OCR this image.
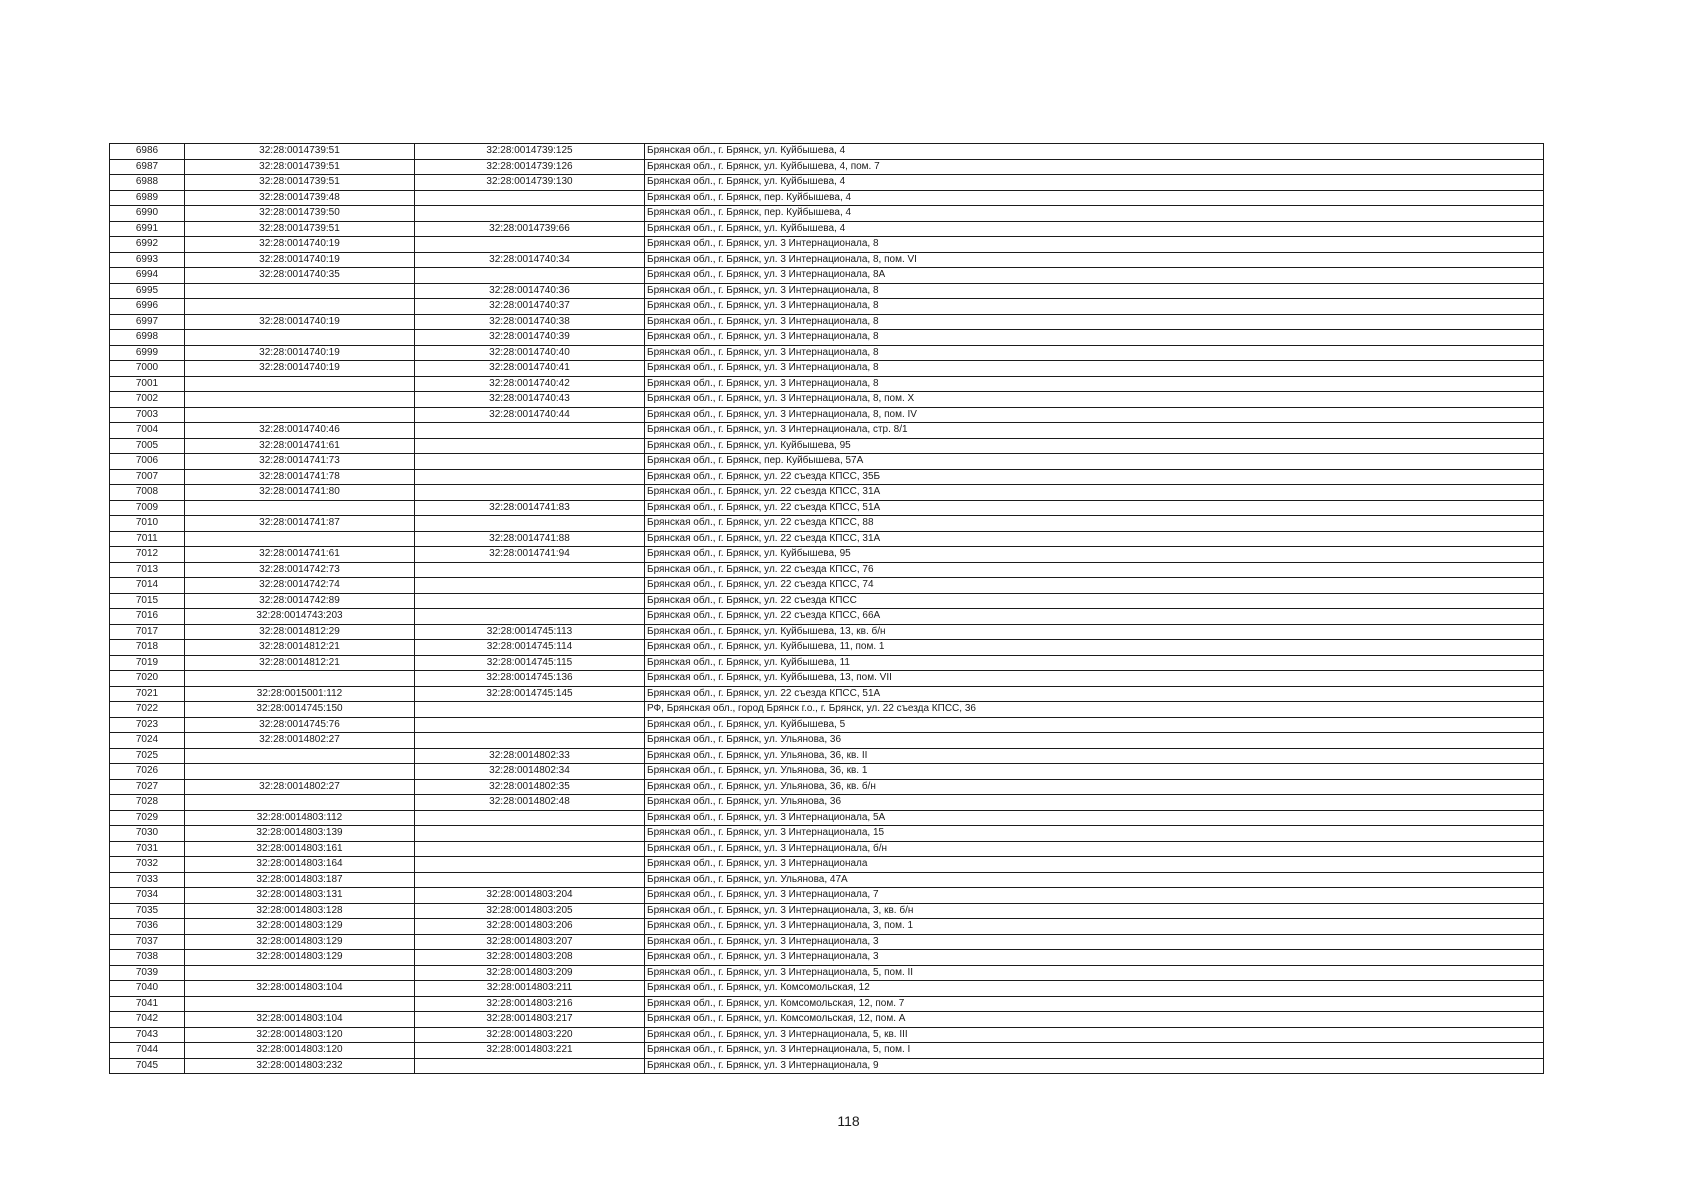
6986	32:28:0014739:51	32:28:0014739:125	Брянская обл., г. Брянск, ул. Куйбышева, 4
6987	32:28:0014739:51	32:28:0014739:126	Брянская обл., г. Брянск, ул. Куйбышева, 4, пом. 7
6988	32:28:0014739:51	32:28:0014739:130	Брянская обл., г. Брянск, ул. Куйбышева, 4
6989	32:28:0014739:48		Брянская обл., г. Брянск, пер. Куйбышева, 4
6990	32:28:0014739:50		Брянская обл., г. Брянск, пер. Куйбышева, 4
6991	32:28:0014739:51	32:28:0014739:66	Брянская обл., г. Брянск, ул. Куйбышева, 4
6992	32:28:0014740:19		Брянская обл., г. Брянск, ул. 3 Интернационала, 8
6993	32:28:0014740:19	32:28:0014740:34	Брянская обл., г. Брянск, ул. 3 Интернационала, 8, пом. VI
6994	32:28:0014740:35		Брянская обл., г. Брянск, ул. 3 Интернационала, 8А
6995		32:28:0014740:36	Брянская обл., г. Брянск, ул. 3 Интернационала, 8
6996		32:28:0014740:37	Брянская обл., г. Брянск, ул. 3 Интернационала, 8
6997	32:28:0014740:19	32:28:0014740:38	Брянская обл., г. Брянск, ул. 3 Интернационала, 8
6998		32:28:0014740:39	Брянская обл., г. Брянск, ул. 3 Интернационала, 8
6999	32:28:0014740:19	32:28:0014740:40	Брянская обл., г. Брянск, ул. 3 Интернационала, 8
7000	32:28:0014740:19	32:28:0014740:41	Брянская обл., г. Брянск, ул. 3 Интернационала, 8
7001		32:28:0014740:42	Брянская обл., г. Брянск, ул. 3 Интернационала, 8
7002		32:28:0014740:43	Брянская обл., г. Брянск, ул. 3 Интернационала, 8, пом. X
7003		32:28:0014740:44	Брянская обл., г. Брянск, ул. 3 Интернационала, 8, пом. IV
7004	32:28:0014740:46		Брянская обл., г. Брянск, ул. 3 Интернационала, стр. 8/1
7005	32:28:0014741:61		Брянская обл., г. Брянск, ул. Куйбышева, 95
7006	32:28:0014741:73		Брянская обл., г. Брянск, пер. Куйбышева, 57А
7007	32:28:0014741:78		Брянская обл., г. Брянск, ул. 22 съезда КПСС, 35Б
7008	32:28:0014741:80		Брянская обл., г. Брянск, ул. 22 съезда КПСС, 31А
7009		32:28:0014741:83	Брянская обл., г. Брянск, ул. 22 съезда КПСС, 51А
7010	32:28:0014741:87		Брянская обл., г. Брянск, ул. 22 съезда КПСС, 88
7011		32:28:0014741:88	Брянская обл., г. Брянск, ул. 22 съезда КПСС, 31А
7012	32:28:0014741:61	32:28:0014741:94	Брянская обл., г. Брянск, ул. Куйбышева, 95
7013	32:28:0014742:73		Брянская обл., г. Брянск, ул. 22 съезда КПСС, 76
7014	32:28:0014742:74		Брянская обл., г. Брянск, ул. 22 съезда КПСС, 74
7015	32:28:0014742:89		Брянская обл., г. Брянск, ул. 22 съезда КПСС
7016	32:28:0014743:203		Брянская обл., г. Брянск, ул. 22 съезда КПСС, 66А
7017	32:28:0014812:29	32:28:0014745:113	Брянская обл., г. Брянск, ул. Куйбышева, 13, кв. б/н
7018	32:28:0014812:21	32:28:0014745:114	Брянская обл., г. Брянск, ул. Куйбышева, 11, пом. 1
7019	32:28:0014812:21	32:28:0014745:115	Брянская обл., г. Брянск, ул. Куйбышева, 11
7020		32:28:0014745:136	Брянская обл., г. Брянск, ул. Куйбышева, 13, пом. VII
7021	32:28:0015001:112	32:28:0014745:145	Брянская обл., г. Брянск, ул. 22 съезда КПСС, 51А
7022	32:28:0014745:150		РФ, Брянская обл., город Брянск г.о., г. Брянск, ул. 22 съезда КПСС, 36
7023	32:28:0014745:76		Брянская обл., г. Брянск, ул. Куйбышева, 5
7024	32:28:0014802:27		Брянская обл., г. Брянск, ул. Ульянова, 36
7025		32:28:0014802:33	Брянская обл., г. Брянск, ул. Ульянова, 36, кв. II
7026		32:28:0014802:34	Брянская обл., г. Брянск, ул. Ульянова, 36, кв. 1
7027	32:28:0014802:27	32:28:0014802:35	Брянская обл., г. Брянск, ул. Ульянова, 36, кв. б/н
7028		32:28:0014802:48	Брянская обл., г. Брянск, ул. Ульянова, 36
7029	32:28:0014803:112		Брянская обл., г. Брянск, ул. 3 Интернационала, 5А
7030	32:28:0014803:139		Брянская обл., г. Брянск, ул. 3 Интернационала, 15
7031	32:28:0014803:161		Брянская обл., г. Брянск, ул. 3 Интернационала, б/н
7032	32:28:0014803:164		Брянская обл., г. Брянск, ул. 3 Интернационала
7033	32:28:0014803:187		Брянская обл., г. Брянск, ул. Ульянова, 47А
7034	32:28:0014803:131	32:28:0014803:204	Брянская обл., г. Брянск, ул. 3 Интернационала, 7
7035	32:28:0014803:128	32:28:0014803:205	Брянская обл., г. Брянск, ул. 3 Интернационала, 3, кв. б/н
7036	32:28:0014803:129	32:28:0014803:206	Брянская обл., г. Брянск, ул. 3 Интернационала, 3, пом. 1
7037	32:28:0014803:129	32:28:0014803:207	Брянская обл., г. Брянск, ул. 3 Интернационала, 3
7038	32:28:0014803:129	32:28:0014803:208	Брянская обл., г. Брянск, ул. 3 Интернационала, 3
7039		32:28:0014803:209	Брянская обл., г. Брянск, ул. 3 Интернационала, 5, пом. II
7040	32:28:0014803:104	32:28:0014803:211	Брянская обл., г. Брянск, ул. Комсомольская, 12
7041		32:28:0014803:216	Брянская обл., г. Брянск, ул. Комсомольская, 12, пом. 7
7042	32:28:0014803:104	32:28:0014803:217	Брянская обл., г. Брянск, ул. Комсомольская, 12, пом. А
7043	32:28:0014803:120	32:28:0014803:220	Брянская обл., г. Брянск, ул. 3 Интернационала, 5, кв. III
7044	32:28:0014803:120	32:28:0014803:221	Брянская обл., г. Брянск, ул. 3 Интернационала, 5, пом. I
7045	32:28:0014803:232		Брянская обл., г. Брянск, ул. 3 Интернационала, 9
118
